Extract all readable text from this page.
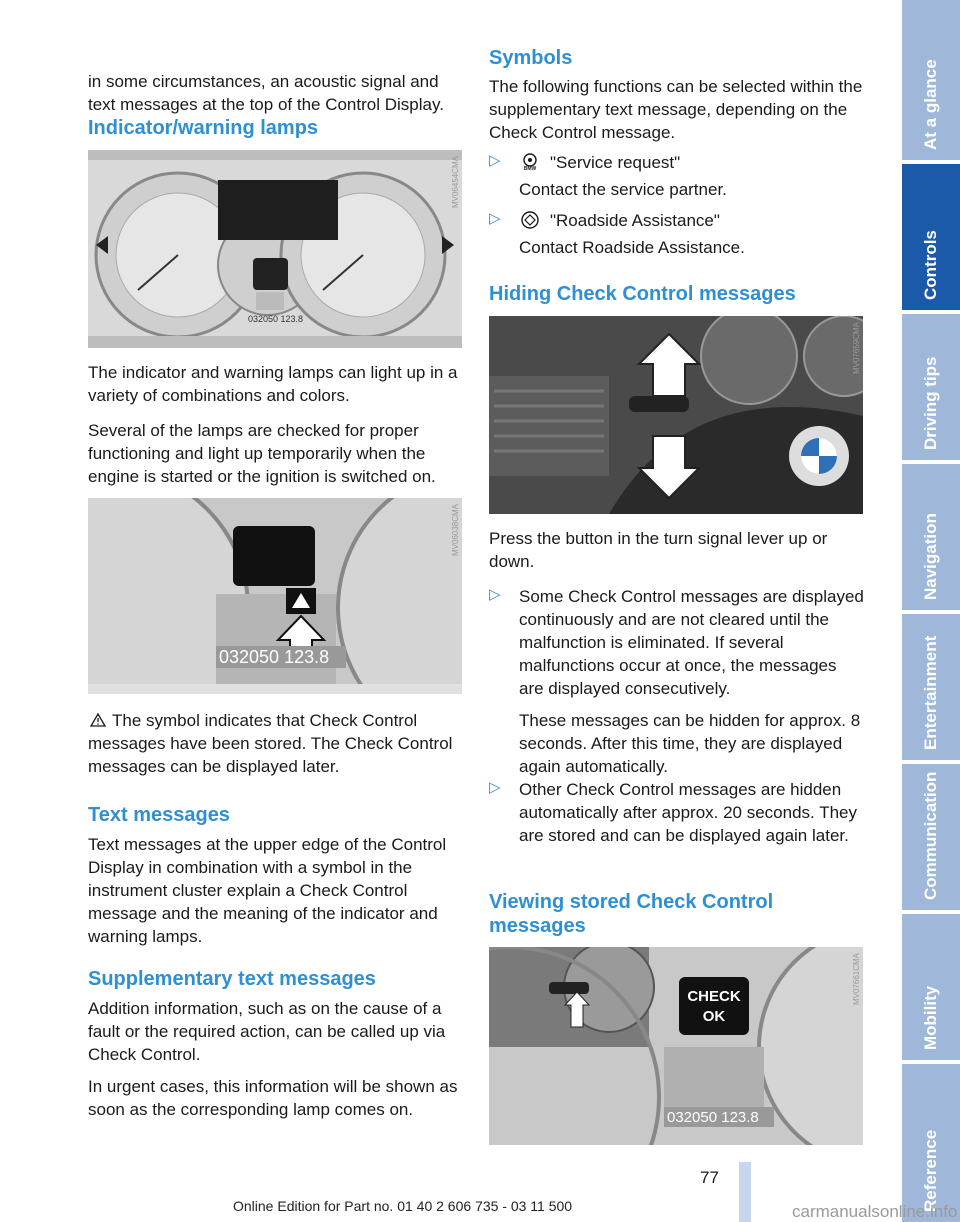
in some circumstances, an acoustic signal and text messages at the top of the Control Display.

Indicator/warning lamps
032050 123.8
MV06454CMA

The indicator and warning lamps can light up in a variety of combinations and colors.

Several of the lamps are checked for proper functioning and light up temporarily when the engine is started or the ignition is switched on.

032050 123.8
MV06038CMA

The symbol indicates that Check Control messages have been stored. The Check Control messages can be displayed later.

Text messages

Text messages at the upper edge of the Control Display in combination with a symbol in the instrument cluster explain a Check Control message and the meaning of the indicator and warning lamps.

Supplementary text messages

Addition information, such as on the cause of a fault or the required action, can be called up via Check Control.

In urgent cases, this information will be shown as soon as the corresponding lamp comes on.

Symbols

The following functions can be selected within the supplementary text message, depending on the Check Control message.

▷	BMW "Service request"

Contact the service partner.

▷	"Roadside Assistance"

Contact Roadside Assistance.

Hiding Check Control messages
MV07659CMA

Press the button in the turn signal lever up or down.

▷ Some Check Control messages are displayed continuously and are not cleared until the malfunction is eliminated. If several malfunctions occur at once, the messages are displayed consecutively.

These messages can be hidden for approx. 8 seconds. After this time, they are displayed again automatically.

▷ Other Check Control messages are hidden automatically after approx. 20 seconds. They are stored and can be displayed again later.

Viewing stored Check Control messages
CHECK
OK
032050 123.8
MV07661CMA
At a glance
Controls
Driving tips
Navigation
Entertainment
Communication
Mobility
Reference
77
Online Edition for Part no. 01 40 2 606 735 - 03 11 500	carmanualsonline.info
